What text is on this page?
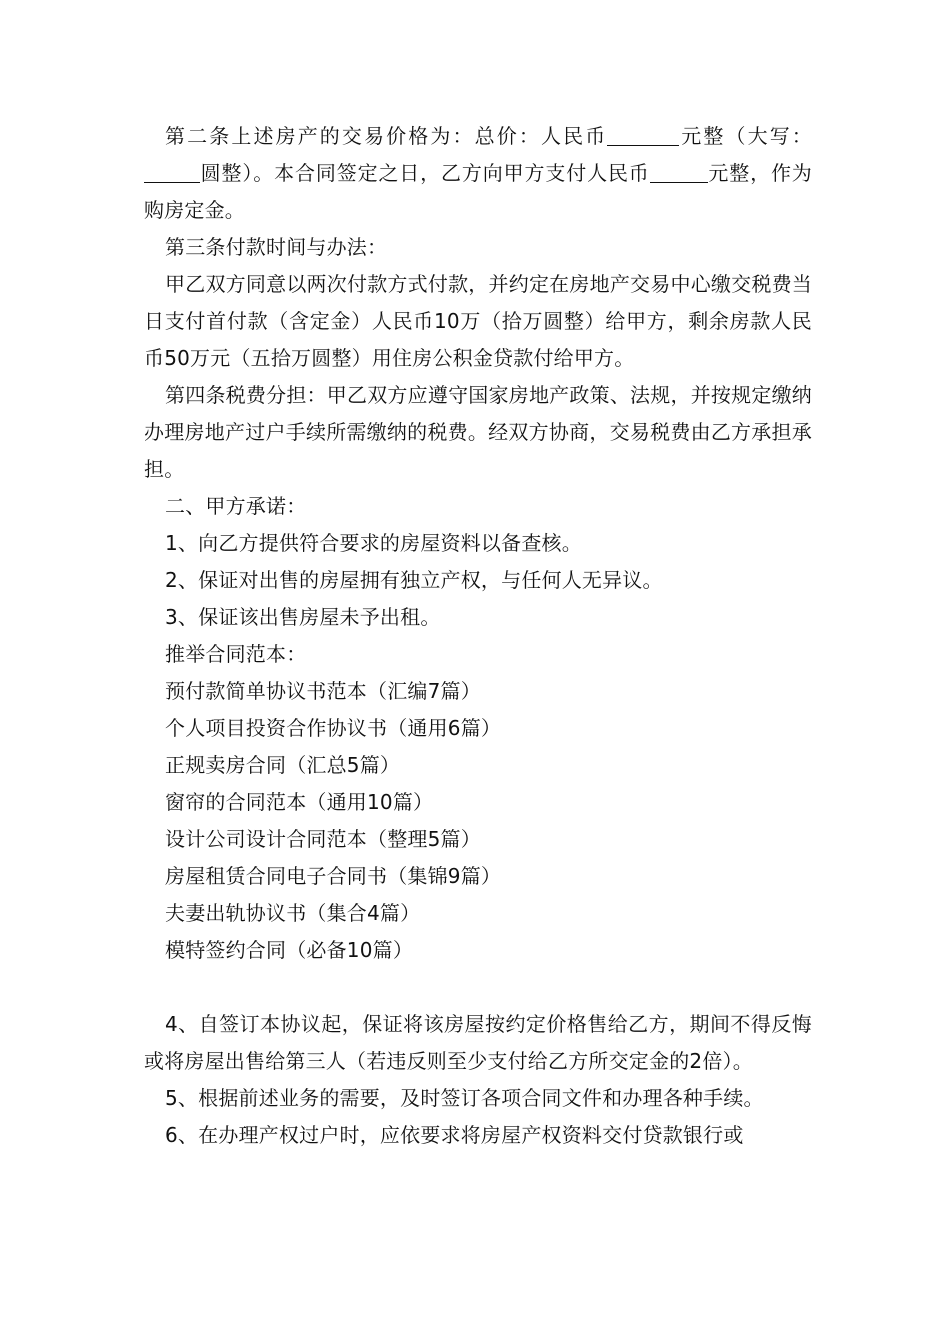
第二条上述房产的交易价格为：总价：人民币	元整（大写：圆整）。本合同签定之日，乙方向甲方支付人民币	元整，作为购房定金。

第三条付款时间与办法：

甲乙双方同意以两次付款方式付款，并约定在房地产交易中心缴交税费当日支付首付款（含定金）人民币10万（拾万圆整）给甲方，剩余房款人民币50万元（五拾万圆整）用住房公积金贷款付给甲方。

第四条税费分担：甲乙双方应遵守国家房地产政策、法规，并按规定缴纳办理房地产过户手续所需缴纳的税费。经双方协商，交易税费由乙方承担承担。

二、甲方承诺：

1、向乙方提供符合要求的房屋资料以备查核。

2、保证对出售的房屋拥有独立产权，与任何人无异议。

3、保证该出售房屋未予出租。

推举合同范本：

预付款简单协议书范本（汇编7篇）

个人项目投资合作协议书（通用6篇）

正规卖房合同（汇总5篇）

窗帘的合同范本（通用10篇）

设计公司设计合同范本（整理5篇）

房屋租赁合同电子合同书（集锦9篇）

夫妻出轨协议书（集合4篇）

模特签约合同（必备10篇）

4、自签订本协议起，保证将该房屋按约定价格售给乙方，期间不得反悔或将房屋出售给第三人（若违反则至少支付给乙方所交定金的2倍）。

5、根据前述业务的需要，及时签订各项合同文件和办理各种手续。

6、在办理产权过户时，应依要求将房屋产权资料交付贷款银行或
